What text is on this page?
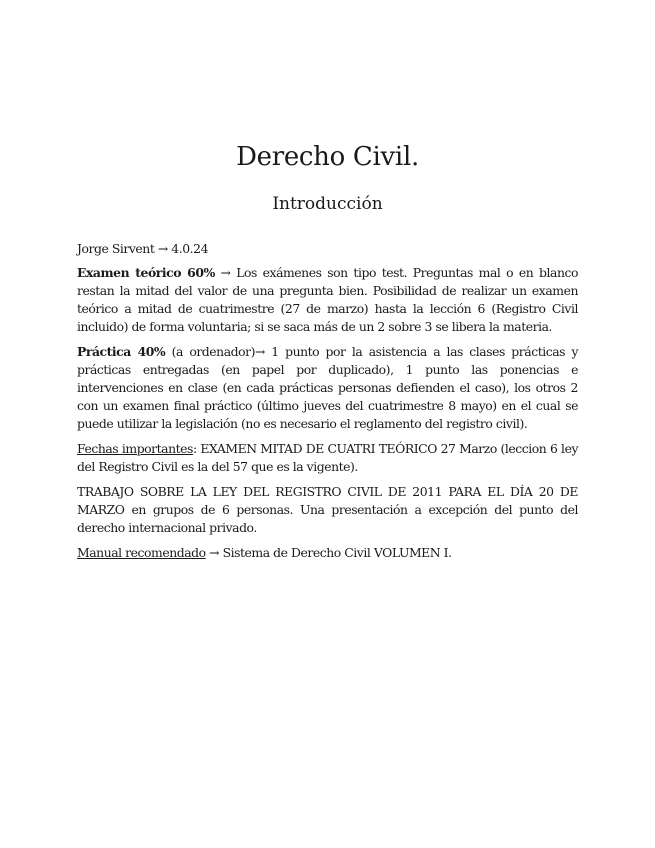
Derecho Civil.
Introducción

Jorge Sirvent → 4.0.24

Examen teórico 60% → Los exámenes son tipo test. Preguntas mal o en blanco restan la mitad del valor de una pregunta bien. Posibilidad de realizar un examen teórico a mitad de cuatrimestre (27 de marzo) hasta la lección 6 (Registro Civil incluido) de forma voluntaria; si se saca más de un 2 sobre 3 se libera la materia.

Práctica 40% (a ordenador)→ 1 punto por la asistencia a las clases prácticas y prácticas entregadas (en papel por duplicado), 1 punto las ponencias e intervenciones en clase (en cada prácticas personas defienden el caso), los otros 2 con un examen final práctico (último jueves del cuatrimestre 8 mayo) en el cual se puede utilizar la legislación (no es necesario el reglamento del registro civil).

Fechas importantes: EXAMEN MITAD DE CUATRI TEÓRICO 27 Marzo (leccion 6 ley del Registro Civil es la del 57 que es la vigente).

TRABAJO SOBRE LA LEY DEL REGISTRO CIVIL DE 2011 PARA EL DÍA 20 DE MARZO en grupos de 6 personas. Una presentación a excepción del punto del derecho internacional privado.

Manual recomendado → Sistema de Derecho Civil VOLUMEN I.
